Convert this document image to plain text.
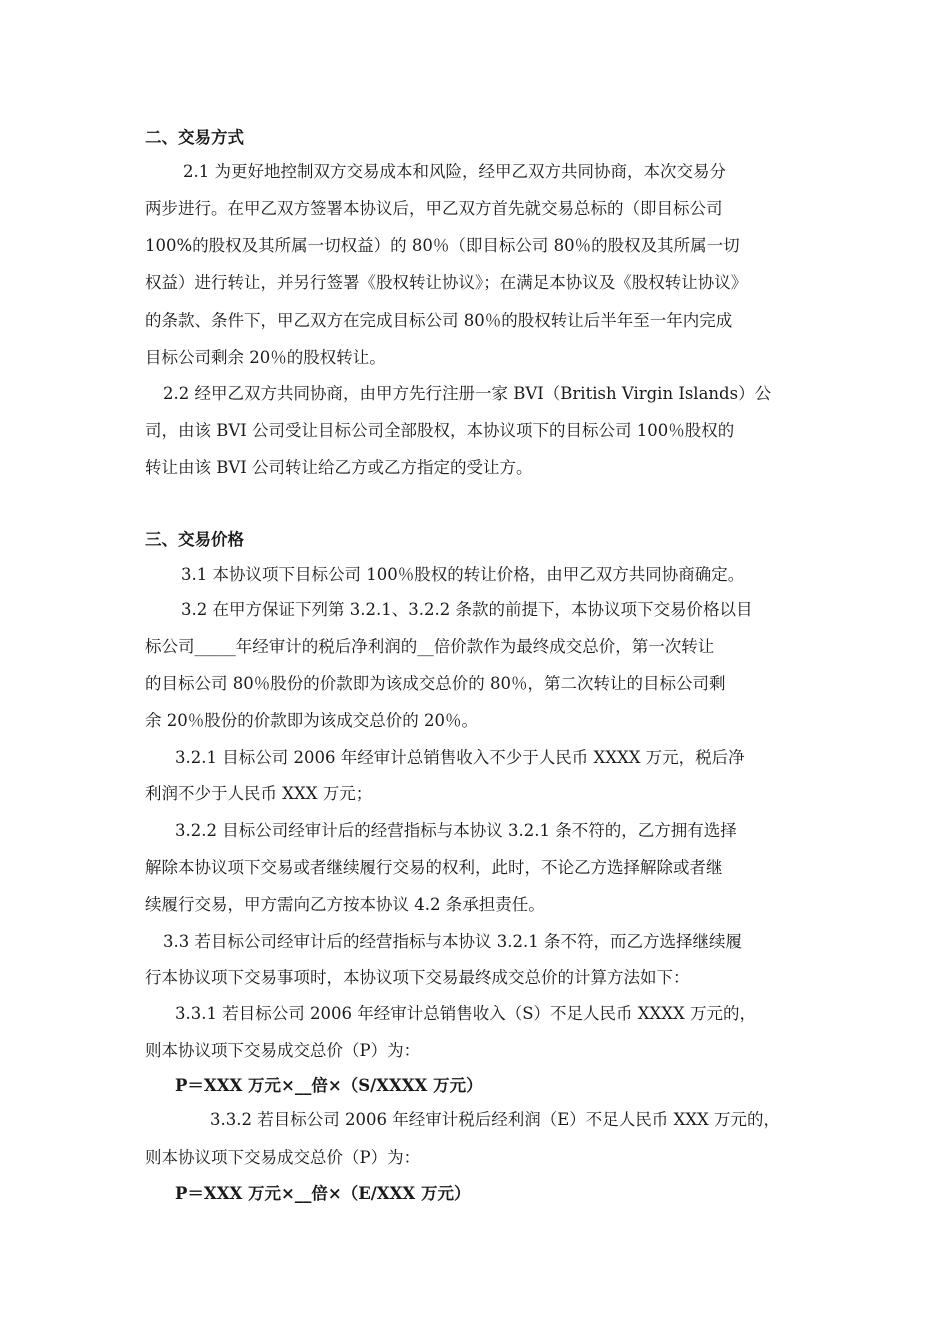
二、交易方式
2.1 为更好地控制双方交易成本和风险，经甲乙双方共同协商，本次交易分
两步进行。在甲乙双方签署本协议后，甲乙双方首先就交易总标的（即目标公司
100%的股权及其所属一切权益）的 80％（即目标公司 80％的股权及其所属一切
权益）进行转让，并另行签署《股权转让协议》；在满足本协议及《股权转让协议》
的条款、条件下，甲乙双方在完成目标公司 80％的股权转让后半年至一年内完成
目标公司剩余 20％的股权转让。
2.2 经甲乙双方共同协商，由甲方先行注册一家 BVI（British Virgin Islands）公
司，由该 BVI 公司受让目标公司全部股权，本协议项下的目标公司 100％股权的
转让由该 BVI 公司转让给乙方或乙方指定的受让方。
三、交易价格
3.1 本协议项下目标公司 100％股权的转让价格，由甲乙双方共同协商确定。
3.2 在甲方保证下列第 3.2.1、3.2.2 条款的前提下，本协议项下交易价格以目
标公司_____年经审计的税后净利润的__倍价款作为最终成交总价，第一次转让
的目标公司 80％股份的价款即为该成交总价的 80％，第二次转让的目标公司剩
余 20％股份的价款即为该成交总价的 20％。
3.2.1 目标公司 2006 年经审计总销售收入不少于人民币 XXXX 万元，税后净
利润不少于人民币 XXX 万元；
3.2.2 目标公司经审计后的经营指标与本协议 3.2.1 条不符的，乙方拥有选择
解除本协议项下交易或者继续履行交易的权利，此时，不论乙方选择解除或者继
续履行交易，甲方需向乙方按本协议 4.2 条承担责任。
3.3 若目标公司经审计后的经营指标与本协议 3.2.1 条不符，而乙方选择继续履
行本协议项下交易事项时，本协议项下交易最终成交总价的计算方法如下：
3.3.1 若目标公司 2006 年经审计总销售收入（S）不足人民币 XXXX 万元的，
则本协议项下交易成交总价（P）为：
P＝XXX 万元×__倍×（S/XXXX 万元）
3.3.2 若目标公司 2006 年经审计税后经利润（E）不足人民币 XXX 万元的，
则本协议项下交易成交总价（P）为：
P＝XXX 万元×__倍×（E/XXX 万元）
